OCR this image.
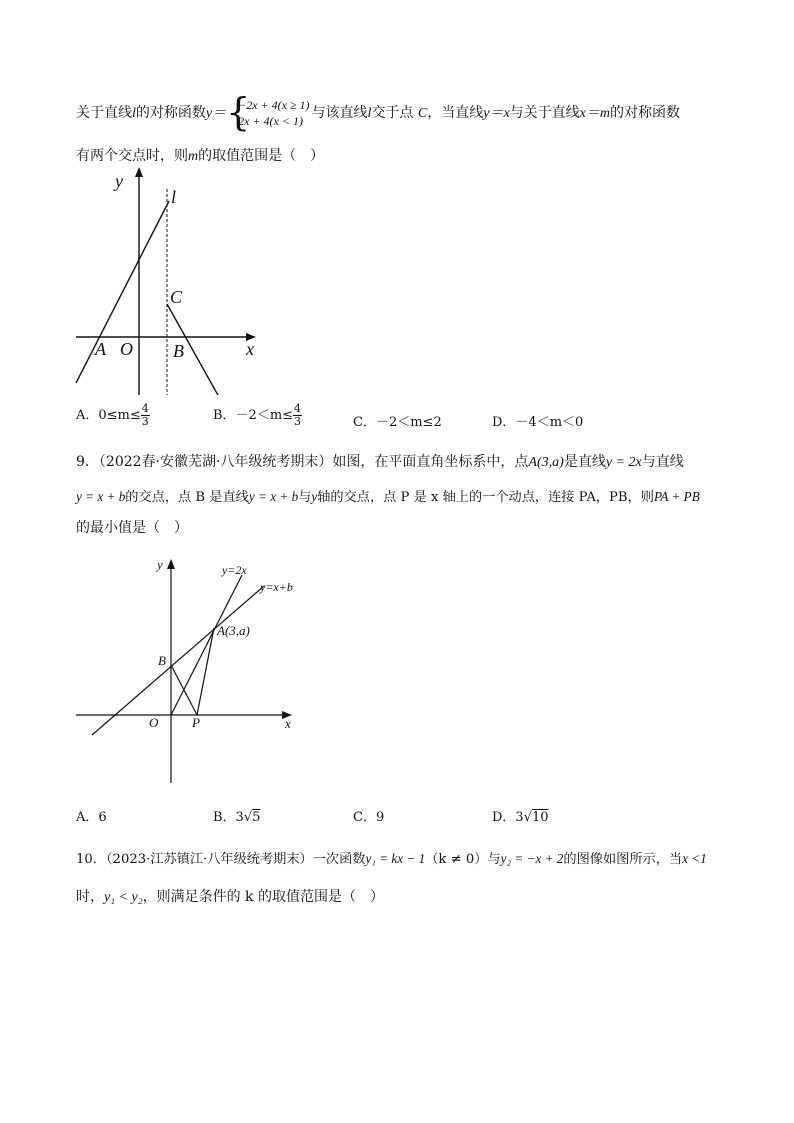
关于直线l的对称函数y＝
{ −2x + 4(x ≥ 1)
2x + 4(x < 1) 与该直线l交于点 C，当直线y＝x与关于直线x＝m的对称函数
有两个交点时，则m的取值范围是（　）
y
x
l
C
A O B
A．$0\le m\le \frac{4}{3}$	B．$-2<m\le \frac{4}{3}$	C．－2＜m≤2	D．－4＜m＜0
9．（2022春·安徽芜湖·八年级统考期末）如图，在平面直角坐标系中，点A(3,a)是直线y = 2x与直线
y = x + b的交点，点 B 是直线y = x + b与y轴的交点，点 P 是 x 轴上的一个动点，连接 PA，PB，则PA + PB
的最小值是（　）
y
x
y=2x
y=x+b
A(3,a)
B
O	P
A．6	B．3√5	C．9	D．3√10
10．（2023·江苏镇江·八年级统考期末）一次函数y₁ = kx − 1（k ≠ 0）与y₂ = −x + 2的图像如图所示，当x <1
时，y₁ < y₂，则满足条件的 k 的取值范围是（　）
